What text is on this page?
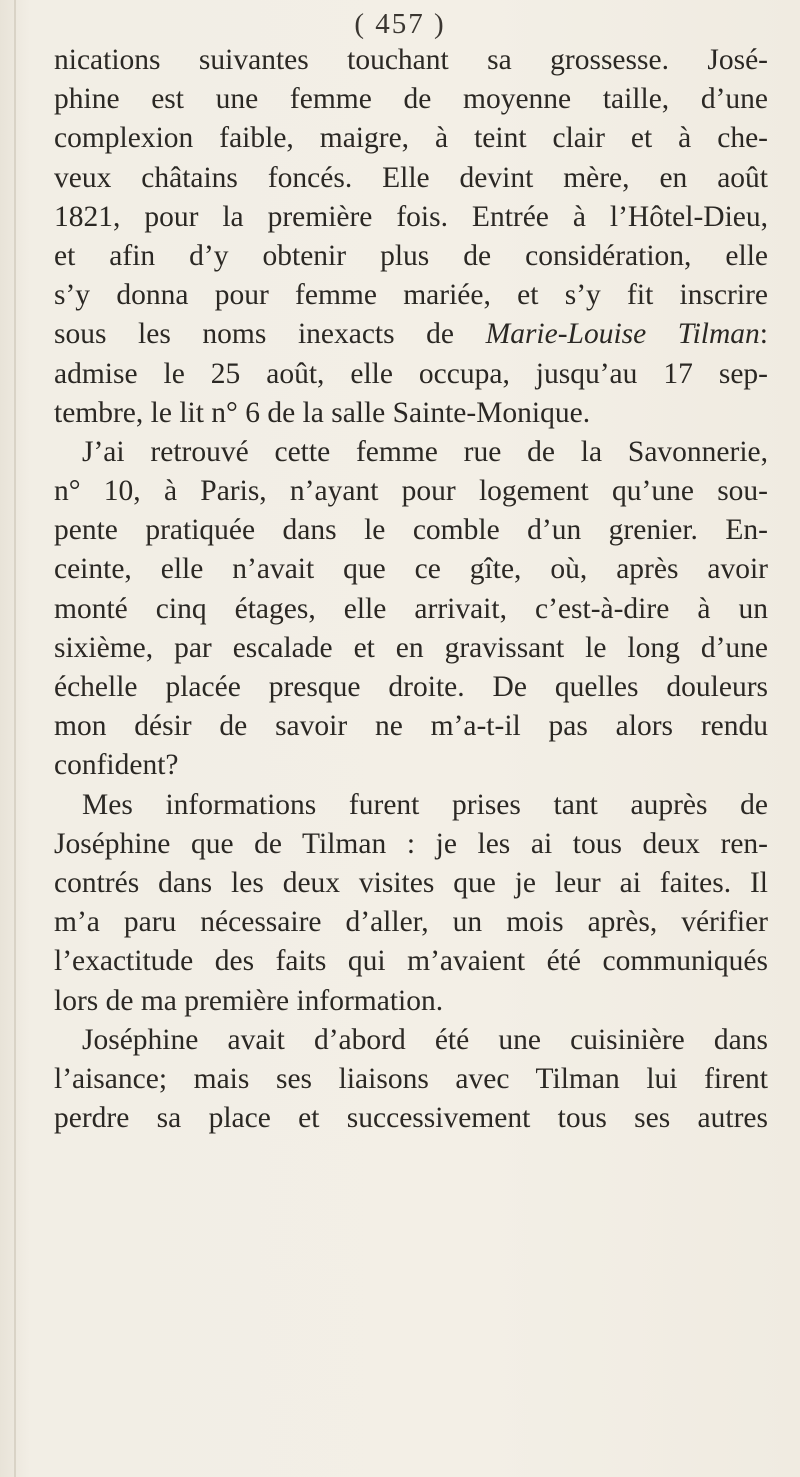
( 457 )
nications suivantes touchant sa grossesse. José-
phine est une femme de moyenne taille, d’une
complexion faible, maigre, à teint clair et à che-
veux châtains foncés. Elle devint mère, en août
1821, pour la première fois. Entrée à l’Hôtel-Dieu,
et afin d’y obtenir plus de considération, elle
s’y donna pour femme mariée, et s’y fit inscrire
sous les noms inexacts de Marie-Louise Tilman:
admise le 25 août, elle occupa, jusqu’au 17 sep-
tembre, le lit n° 6 de la salle Sainte-Monique.
J’ai retrouvé cette femme rue de la Savonnerie,
n° 10, à Paris, n’ayant pour logement qu’une sou-
pente pratiquée dans le comble d’un grenier. En-
ceinte, elle n’avait que ce gîte, où, après avoir
monté cinq étages, elle arrivait, c’est-à-dire à un
sixième, par escalade et en gravissant le long d’une
échelle placée presque droite. De quelles douleurs
mon désir de savoir ne m’a-t-il pas alors rendu
confident?
Mes informations furent prises tant auprès de
Joséphine que de Tilman : je les ai tous deux ren-
contrés dans les deux visites que je leur ai faites. Il
m’a paru nécessaire d’aller, un mois après, vérifier
l’exactitude des faits qui m’avaient été communiqués
lors de ma première information.
Joséphine avait d’abord été une cuisinière dans
l’aisance; mais ses liaisons avec Tilman lui firent
perdre sa place et successivement tous ses autres
